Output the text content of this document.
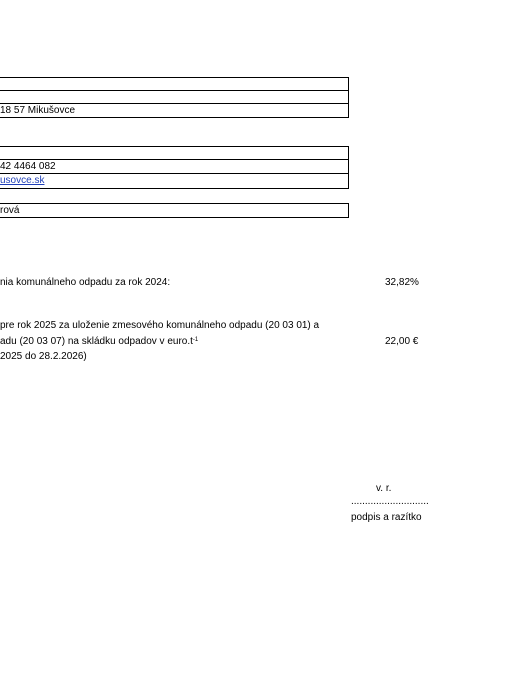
18 57 Mikušovce
42 4464 082
usovce.sk
rová
nia komunálneho odpadu za rok 2024:	32,82%
pre rok 2025 za uloženie zmesového komunálneho odpadu (20 03 01) a
adu (20 03 07) na skládku odpadov v $euro.t^{-1}$	22,00 €
2025 do 28.2.2026)
v. r.
............................
podpis a razítko
